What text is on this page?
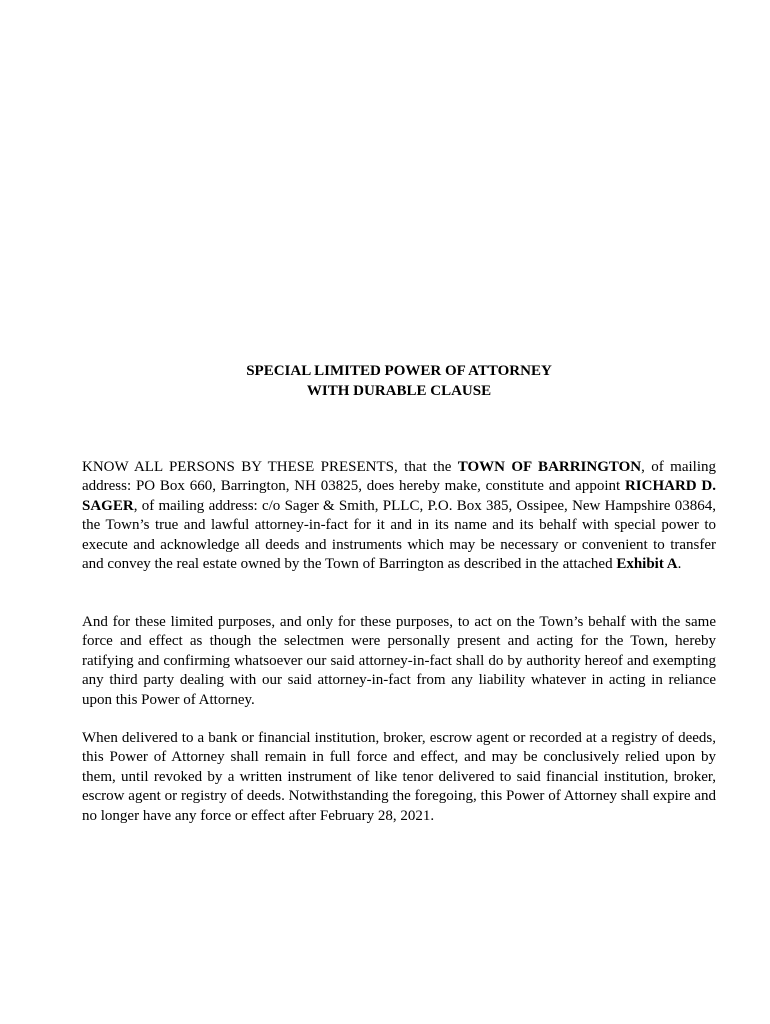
SPECIAL LIMITED POWER OF ATTORNEY
WITH DURABLE CLAUSE
KNOW ALL PERSONS BY THESE PRESENTS, that the TOWN OF BARRINGTON, of mailing address: PO Box 660, Barrington, NH 03825, does hereby make, constitute and appoint RICHARD D. SAGER, of mailing address: c/o Sager & Smith, PLLC, P.O. Box 385, Ossipee, New Hampshire 03864, the Town’s true and lawful attorney-in-fact for it and in its name and its behalf with special power to execute and acknowledge all deeds and instruments which may be necessary or convenient to transfer and convey the real estate owned by the Town of Barrington as described in the attached Exhibit A.
And for these limited purposes, and only for these purposes, to act on the Town’s behalf with the same force and effect as though the selectmen were personally present and acting for the Town, hereby ratifying and confirming whatsoever our said attorney-in-fact shall do by authority hereof and exempting any third party dealing with our said attorney-in-fact from any liability whatever in acting in reliance upon this Power of Attorney.
When delivered to a bank or financial institution, broker, escrow agent or recorded at a registry of deeds, this Power of Attorney shall remain in full force and effect, and may be conclusively relied upon by them, until revoked by a written instrument of like tenor delivered to said financial institution, broker, escrow agent or registry of deeds. Notwithstanding the foregoing, this Power of Attorney shall expire and no longer have any force or effect after February 28, 2021.
